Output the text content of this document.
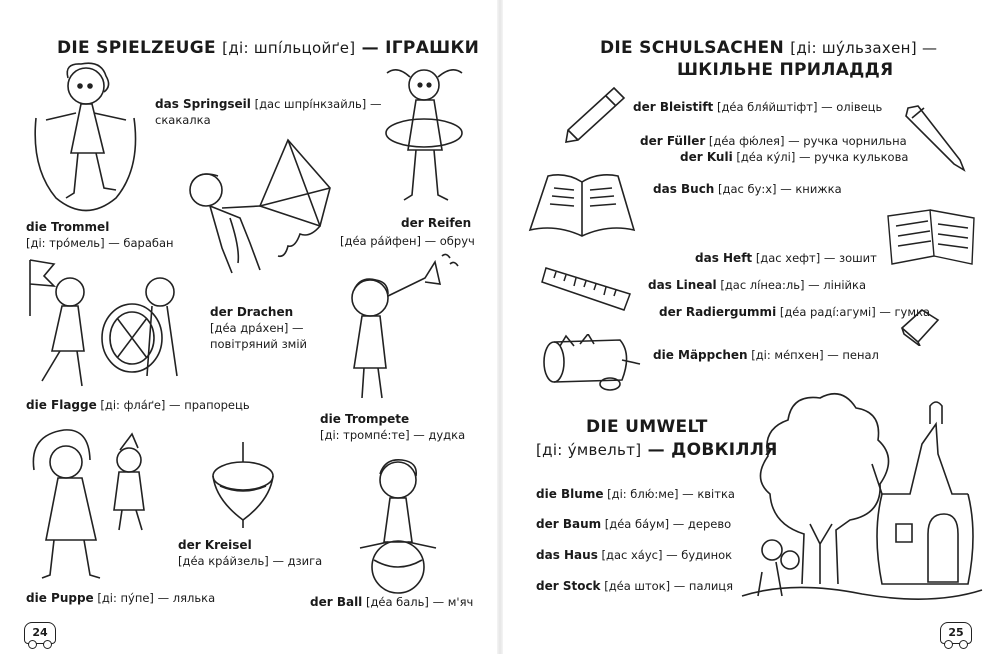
DIE SPIELZEUGE [ді: шпі́льцойґе] — ІГРАШКИ
das Springseil [дас шпрі́нкзайль] —
скакалка
die Trommel
[ді: тро́мель] — барабан
der Reifen
[де́а ра́йфен] — обруч
der Drachen
[де́а дра́хен] —
повітряний змій
die Flagge [ді: фла́ґе] — прапорець
die Trompete
[ді: тромпе́:те] — дудка
der Kreisel
[де́а кра́йзель] — дзига
die Puppe [ді: пу́пе] — лялька	der Ball [де́а баль] — м'яч
24
DIE SCHULSACHEN [ді: шу́льзахен] —
ШКІЛЬНЕ ПРИЛАДДЯ
der Bleistift [де́а бля́йштіфт] — олівець
der Füller [де́а фю́лея] — ручка чорнильна
der Kuli [де́а ку́лі] — ручка кулькова
das Buch [дас бу:х] — книжка
das Heft [дас хефт] — зошит
das Lineal [дас лі́неа:ль] — лінійка
der Radiergummi [де́а раді́:агумі] — гумка
die Mäppchen [ді: ме́пхен] — пенал
DIE UMWELT
[ді: у́мвельт] — ДОВКІЛЛЯ
die Blume [ді: блю́:ме] — квітка
der Baum [де́а ба́ум] — дерево
das Haus [дас ха́ус] — будинок
der Stock [де́а шток] — палиця
25
